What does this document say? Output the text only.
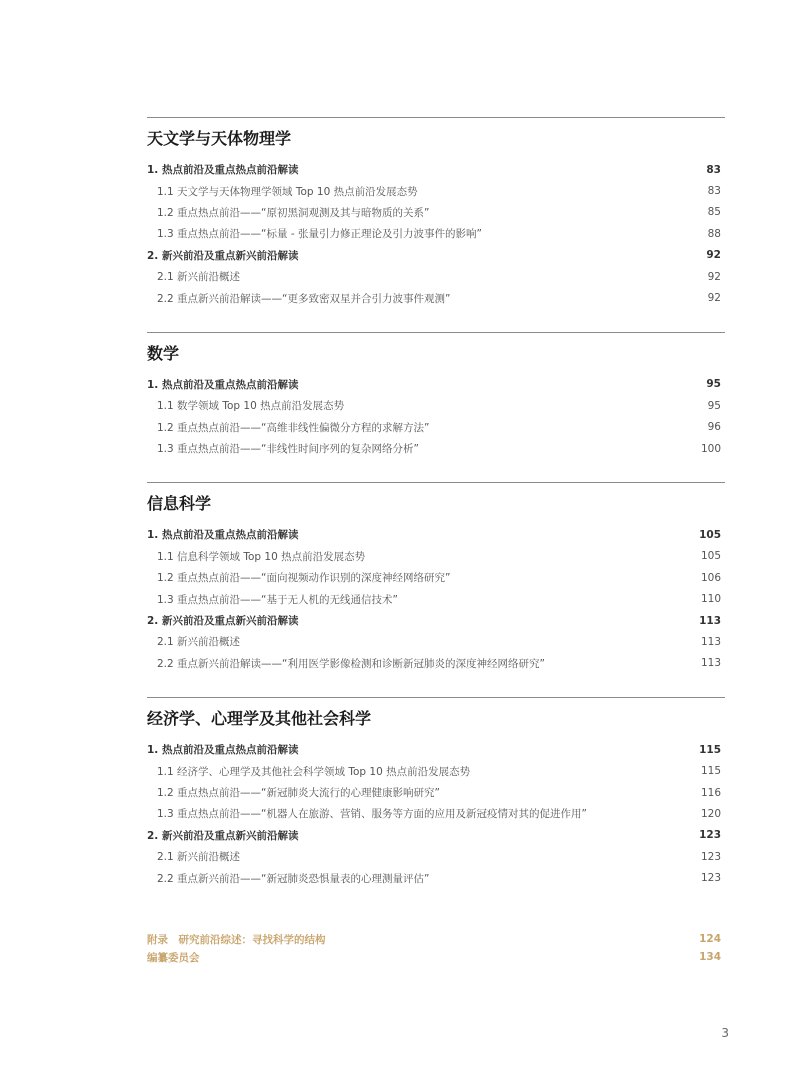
天文学与天体物理学
1. 热点前沿及重点热点前沿解读	83
1.1 天文学与天体物理学领域 Top 10 热点前沿发展态势	83
1.2 重点热点前沿——“原初黑洞观测及其与暗物质的关系”	85
1.3 重点热点前沿——“标量 - 张量引力修正理论及引力波事件的影响”	88
2. 新兴前沿及重点新兴前沿解读	92
2.1 新兴前沿概述	92
2.2 重点新兴前沿解读——“更多致密双星并合引力波事件观测”	92
数学
1. 热点前沿及重点热点前沿解读	95
1.1 数学领域 Top 10 热点前沿发展态势	95
1.2 重点热点前沿——“高维非线性偏微分方程的求解方法”	96
1.3 重点热点前沿——“非线性时间序列的复杂网络分析”	100
信息科学
1. 热点前沿及重点热点前沿解读	105
1.1 信息科学领域 Top 10 热点前沿发展态势	105
1.2 重点热点前沿——“面向视频动作识别的深度神经网络研究”	106
1.3 重点热点前沿——“基于无人机的无线通信技术”	110
2. 新兴前沿及重点新兴前沿解读	113
2.1 新兴前沿概述	113
2.2 重点新兴前沿解读——“利用医学影像检测和诊断新冠肺炎的深度神经网络研究”	113
经济学、心理学及其他社会科学
1. 热点前沿及重点热点前沿解读	115
1.1 经济学、心理学及其他社会科学领域 Top 10 热点前沿发展态势	115
1.2 重点热点前沿——“新冠肺炎大流行的心理健康影响研究”	116
1.3 重点热点前沿——“机器人在旅游、营销、服务等方面的应用及新冠疫情对其的促进作用”	120
2. 新兴前沿及重点新兴前沿解读	123
2.1 新兴前沿概述	123
2.2 重点新兴前沿——“新冠肺炎恐惧量表的心理测量评估”	123
附录　研究前沿综述：寻找科学的结构	124
编纂委员会	134
3
